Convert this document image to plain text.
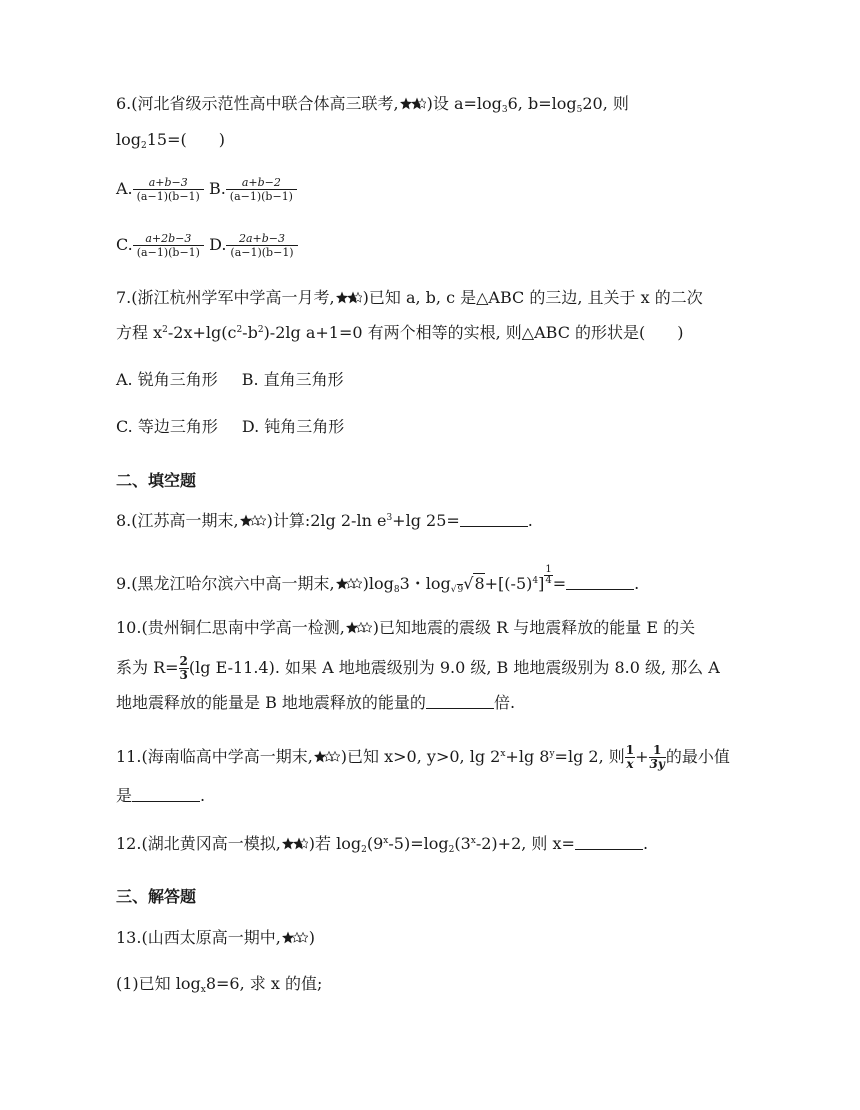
6.(河北省级示范性高中联合体高三联考, )设 $a=\log_36$, $b=\log_520$, 则
$\log_215=$(　　)
A. $\frac{a+b-3}{(a-1)(b-1)} B$. $\frac{a+b-2}{(a-1)(b-1)}$
C. $\frac{a+2b-3}{(a-1)(b-1)} D$. $\frac{2a+b-3}{(a-1)(b-1)}$
7.(浙江杭州学军中学高一月考, )已知 a, b, c 是△ABC 的三边, 且关于 x 的二次
方程 $x^2-2x+\lg(c^2-b^2)-2\lg$ a+1=0 有两个相等的实根, 则△ABC 的形状是(　　)
A. 锐角三角形 B. 直角三角形
C. 等边三角形 D. 钝角三角形
二、填空题
8.(江苏高一期末, )计算:2lg 2-ln $e^3+\lg$ 25=	.
9.(黑龙江哈尔滨六中高一期末, )$\log_83$・$\log_{√9}√8+[(-5)^4] \frac{1}{4}$ =	.
10.(贵州铜仁思南中学高一检测, )已知地震的震级 R 与地震释放的能量 E 的关
系为 $R= \frac{2}{3} (\lg$ E-11.4). 如果 A 地地震级别为 9.0 级, B 地地震级别为 8.0 级, 那么 A
地地震释放的能量是 B 地地震释放的能量的	倍.
11.(海南临高中学高一期末, )已知 x>0, y>0, $\lg 2^x+\lg$ $8^y=\lg$ 2, 则 $\frac{1}{x} + \frac{1}{3y}$ 的最小值
是	.
12.(湖北黄冈高一模拟, )若 $\log_2(9^x-5)=\log_2(3^x-2)+2$, 则 x=	.
三、解答题
13.(山西太原高一期中, )
(1)已知 $\log_x8=6$, 求 x 的值;
